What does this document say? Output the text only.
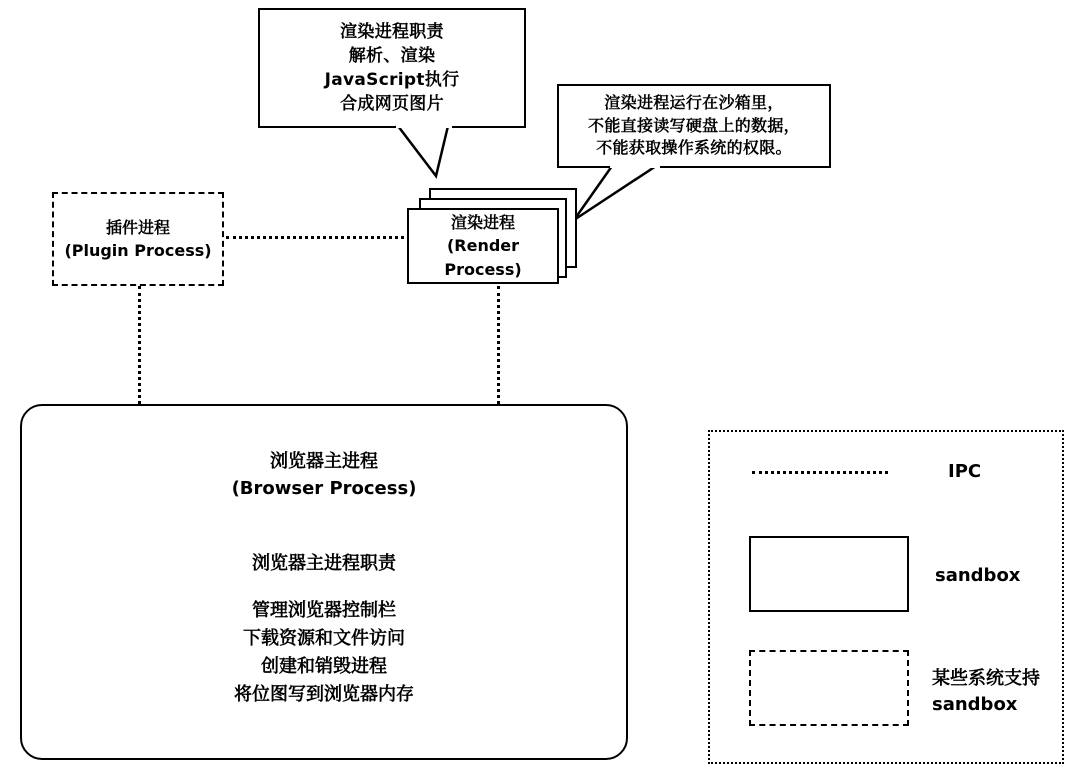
渲染进程职责
解析、渲染
JavaScript执行
合成网页图片	渲染进程运行在沙箱里，
不能直接读写硬盘上的数据，
不能获取操作系统的权限。
插件进程
(Plugin Process)
渲染进程
(Render Process)
浏览器主进程
(Browser Process)
浏览器主进程职责
管理浏览器控制栏
下载资源和文件访问
创建和销毁进程
将位图写到浏览器内存
IPC
sandbox
某些系统支持
sandbox
